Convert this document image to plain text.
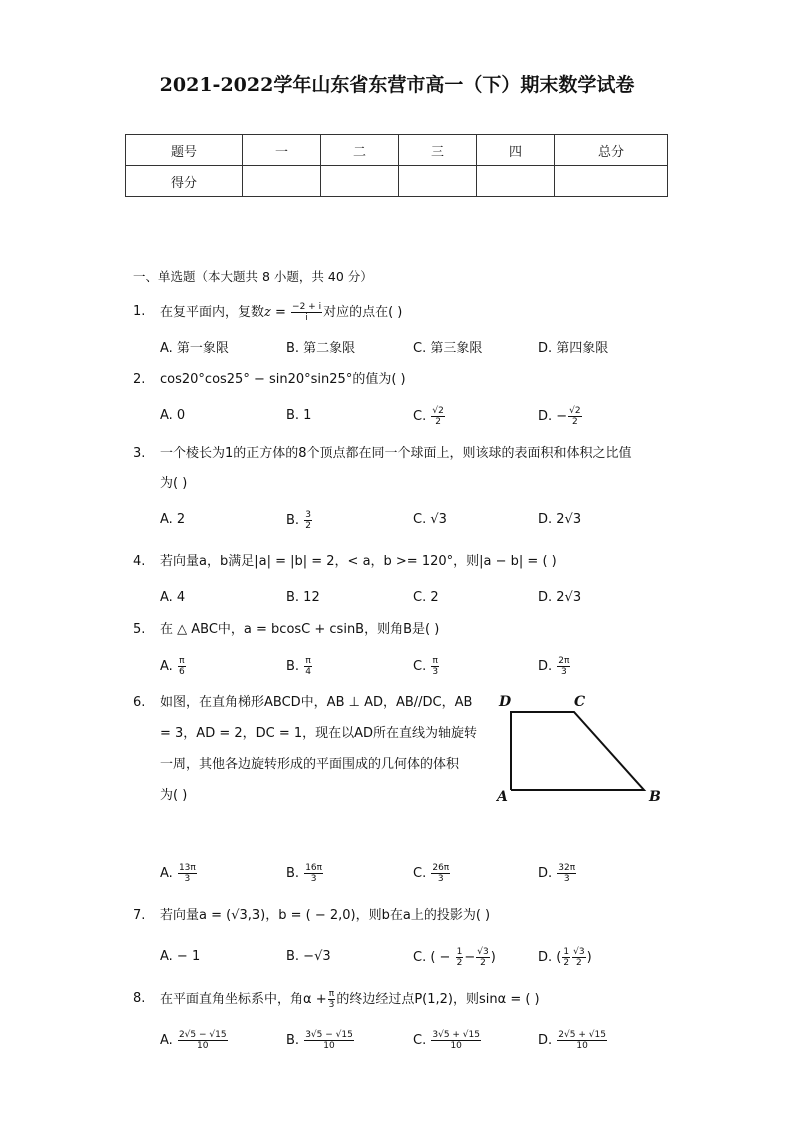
2021-2022学年山东省东营市高一（下）期末数学试卷
题号	一	二	三	四	总分
得分					
一、单选题（本大题共 8 小题，共 40 分）
1. 在复平面内，复数$z = \frac{-2 + i}{i}$ 对应的点在( )
A. 第一象限	B. 第二象限	C. 第三象限	D. 第四象限
2. cos20°cos25° − sin20°sin25°的值为( )
A. 0	B. 1	C. $\frac{√2}{2}$	D. − $\frac{√2}{2}$
3. 一个棱长为1的正方体的8个顶点都在同一个球面上，则该球的表面积和体积之比值
为( )
A. 2	B. $\frac{3}{2}$	C. √3	D. 2√3
4. 若向量a，b满足|a| = |b| = 2，< a，b >= 120°，则|a − b| = ( )
A. 4	B. 12	C. 2	D. 2√3
5. 在 △ ABC中，a = bcosC + csinB，则角B是( )
A. $\frac{\pi}{6}$	B. $\frac{\pi}{4}$	C. $\frac{\pi}{3}$	D. $\frac{2\pi}{3}$
6. 如图，在直角梯形ABCD中，AB ⊥ AD，AB//DC，AB
= 3，AD = 2，DC = 1，现在以AD所在直线为轴旋转
一周，其他各边旋转形成的平面围成的几何体的体积
为( )
D	C
A	B
A. $\frac{13\pi}{3}$	B. $\frac{16\pi}{3}$	C. $\frac{26\pi}{3}$	D. $\frac{32\pi}{3}$
7. 若向量a = (√3,3)，b = ( − 2,0)，则b在a上的投影为( )
A. − 1	B. −√3	C. ( − $\frac{1}{2} - \frac{√3}{2}$ )	D. ( $\frac{1}{2} \frac{√3}{2}$ )
8. 在平面直角坐标系中，角$\alpha + \frac{\pi}{3}$ 的终边经过点P(1,2)，则sinα = ( )
A. $\frac{2√5 - √15}{10}$	B. $\frac{3√5 - √15}{10}$	C. $\frac{3√5 + √15}{10}$	D. $\frac{2√5 + √15}{10}$
